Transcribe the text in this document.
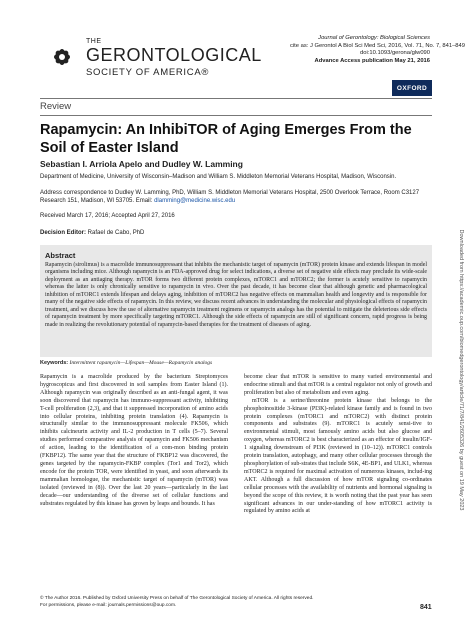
THE
GERONTOLOGICAL
SOCIETY OF AMERICA®
Journal of Gerontology: Biological Sciences
cite as: J Gerontol A Biol Sci Med Sci, 2016, Vol. 71, No. 7, 841–849
doi:10.1093/gerona/glw090
Advance Access publication May 21, 2016
OXFORD
Review
Rapamycin: An InhibiTOR of Aging Emerges From the Soil of Easter Island
Sebastian I. Arriola Apelo and Dudley W. Lamming
Department of Medicine, University of Wisconsin–Madison and William S. Middleton Memorial Veterans Hospital, Madison, Wisconsin.
Address correspondence to Dudley W. Lamming, PhD, William S. Middleton Memorial Veterans Hospital, 2500 Overlook Terrace, Room C3127 Research 151, Madison, WI 53705. Email: dlamming@medicine.wisc.edu
Received March 17, 2016; Accepted April 27, 2016
Decision Editor: Rafael de Cabo, PhD
Abstract
Rapamycin (sirolimus) is a macrolide immunosuppressant that inhibits the mechanistic target of rapamycin (mTOR) protein kinase and extends lifespan in model organisms including mice. Although rapamycin is an FDA-approved drug for select indications, a diverse set of negative side effects may preclude its wide-scale deployment as an antiaging therapy. mTOR forms two different protein complexes, mTORC1 and mTORC2; the former is acutely sensitive to rapamycin whereas the latter is only chronically sensitive to rapamycin in vivo. Over the past decade, it has become clear that although genetic and pharmacological inhibition of mTORC1 extends lifespan and delays aging, inhibition of mTORC2 has negative effects on mammalian health and longevity and is responsible for many of the negative side effects of rapamycin. In this review, we discuss recent advances in understanding the molecular and physiological effects of rapamycin treatment, and we discuss how the use of alternative rapamycin treatment regimens or rapamycin analogs has the potential to mitigate the deleterious side effects of rapamycin treatment by more specifically targeting mTORC1. Although the side effects of rapamycin are still of significant concern, rapid progress is being made in realizing the revolutionary potential of rapamycin-based therapies for the treatment of diseases of aging.
Keywords: Intermittent rapamycin—Lifespan—Mouse—Rapamycin analogs

Rapamycin is a macrolide produced by the bacterium Streptomyces hygroscopicus and first discovered in soil samples from Easter Island (1). Although rapamycin was originally described as an anti-fungal agent, it was soon discovered that rapamycin has immuno-suppressant activity, inhibiting T-cell proliferation (2,3), and that it suppressed incorporation of amino acids into cellular proteins, inhibiting protein translation (4). Rapamycin is structurally similar to the immunosuppressant molecule FK506, which inhibits calcineurin activity and IL-2 production in T cells (5–7). Several studies performed comparative analysis of rapamycin and FK506 mechanism of action, leading to the identification of a com-mon binding protein (FKBP12). The same year that the structure of FKBP12 was discovered, the genes targeted by the rapamycin-FKBP complex (Tor1 and Tor2), which encode for the protein TOR, were identified in yeast, and soon afterwards its mammalian homologue, the mechanistic target of rapamycin (mTOR) was isolated (reviewed in (8)). Over the last 20 years—particularly in the last decade—our understanding of the diverse set of cellular functions and substrates regulated by this kinase has grown by leaps and bounds. It has

become clear that mTOR is sensitive to many varied environmental and endocrine stimuli and that mTOR is a central regulator not only of growth and proliferation but also of metabolism and even aging.

mTOR is a serine/threonine protein kinase that belongs to the phosphoinositide 3-kinase (PI3K)-related kinase family and is found in two protein complexes (mTORC1 and mTORC2) with distinct protein components and substrates (9). mTORC1 is acutely sensi-tive to environmental stimuli, most famously amino acids but also glucose and oxygen, whereas mTORC2 is best characterized as an effector of insulin/IGF-1 signaling downstream of PI3K (reviewed in (10–12)). mTORC1 controls protein translation, autophagy, and many other cellular processes through the phosphorylation of sub-strates that include S6K, 4E-BP1, and ULK1, whereas mTORC2 is required for maximal activation of numerous kinases, includ-ing AKT. Although a full discussion of how mTOR signaling co-ordinates cellular processes with the availability of nutrients and hormonal signaling is beyond the scope of this review, it is worth noting that the past year has seen significant advances in our under-standing of how mTORC1 activity is regulated by amino acids at

© The Author 2016. Published by Oxford University Press on behalf of The Gerontological Society of America. All rights reserved.
For permissions, please e-mail: journals.permissions@oup.com.	841
Downloaded from https://academic.oup.com/biomedgerontology/article/71/7/841/2605326 by guest on 19 May 2023
